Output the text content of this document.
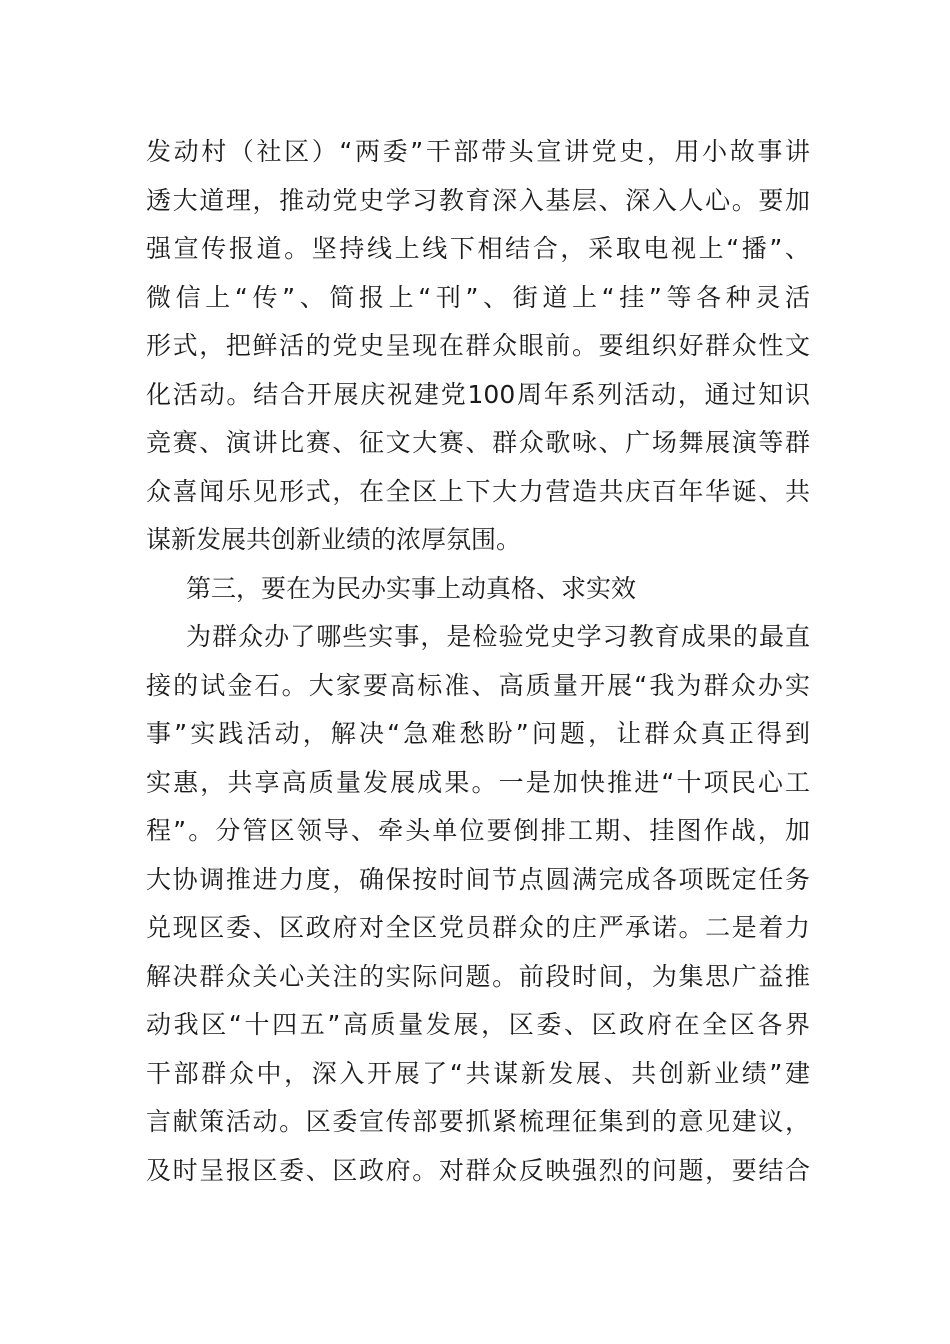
发动村（社区）“两委”干部带头宣讲党史，用小故事讲
透大道理，推动党史学习教育深入基层、深入人心。要加
强宣传报道。坚持线上线下相结合，采取电视上“播”、
微信上“传”、简报上“刊”、街道上“挂”等各种灵活
形式，把鲜活的党史呈现在群众眼前。要组织好群众性文
化活动。结合开展庆祝建党100周年系列活动，通过知识
竞赛、演讲比赛、征文大赛、群众歌咏、广场舞展演等群
众喜闻乐见形式，在全区上下大力营造共庆百年华诞、共
谋新发展共创新业绩的浓厚氛围。
第三，要在为民办实事上动真格、求实效
为群众办了哪些实事，是检验党史学习教育成果的最直
接的试金石。大家要高标准、高质量开展“我为群众办实
事”实践活动，解决“急难愁盼”问题，让群众真正得到
实惠，共享高质量发展成果。一是加快推进“十项民心工
程”。分管区领导、牵头单位要倒排工期、挂图作战，加
大协调推进力度，确保按时间节点圆满完成各项既定任务
兑现区委、区政府对全区党员群众的庄严承诺。二是着力
解决群众关心关注的实际问题。前段时间，为集思广益推
动我区“十四五”高质量发展，区委、区政府在全区各界
干部群众中，深入开展了“共谋新发展、共创新业绩”建
言献策活动。区委宣传部要抓紧梳理征集到的意见建议，
及时呈报区委、区政府。对群众反映强烈的问题，要结合
